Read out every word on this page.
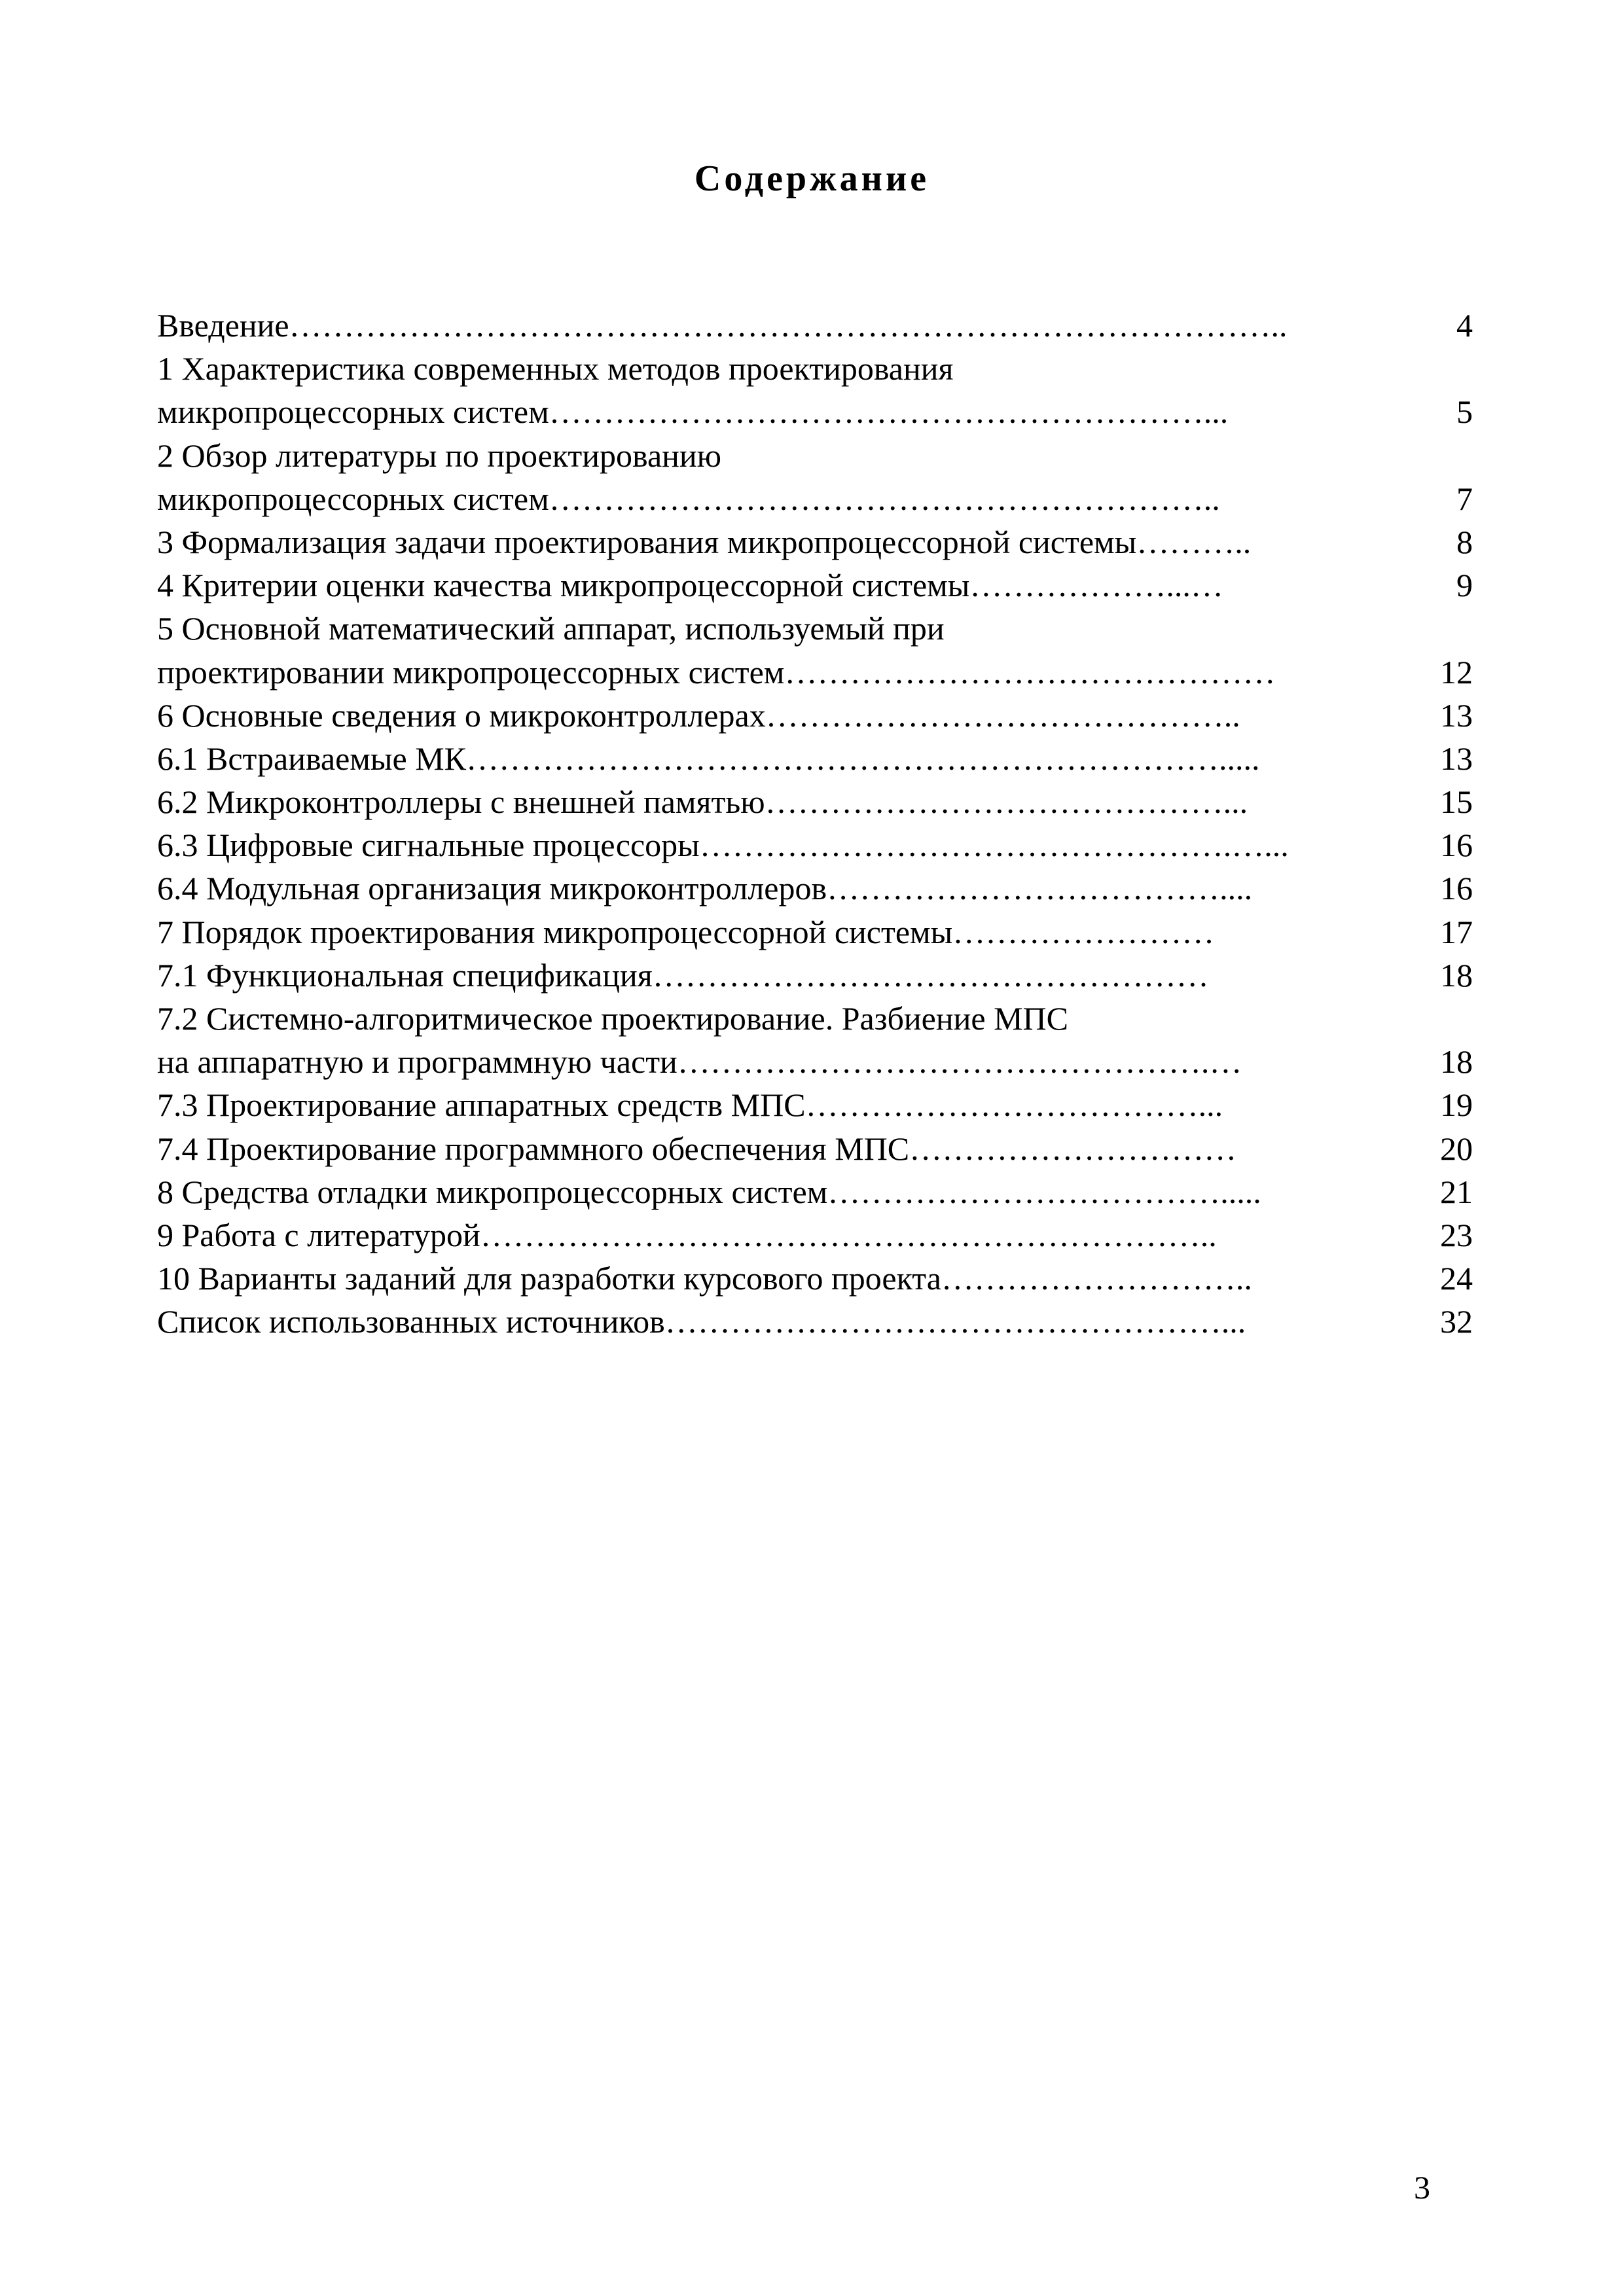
Содержание
Введение ………………………………………………………………………………..	4
1 Характеристика современных методов проектирования
микропроцессорных систем ……………………………………………………...	5
2 Обзор литературы по проектированию
микропроцессорных систем ……………………………………………………..	7
3 Формализация задачи проектирования микропроцессорной системы ………..	8
4 Критерии оценки качества микропроцессорной системы ………………...…	9
5 Основной математический аппарат, используемый при
проектировании микропроцессорных систем ………………………………………	12
6 Основные сведения о микроконтроллерах ……………………………………..	13
6.1 Встраиваемые МК …………………………………………………………….....	13
6.2 Микроконтроллеры с внешней памятью ……………………………………...	15
6.3 Цифровые сигнальные процессоры ………………………………………….…...	16
6.4 Модульная организация микроконтроллеров ………………………………....	16
7 Порядок проектирования микропроцессорной системы ……………………	17
7.1 Функциональная спецификация ……………………………………………	18
7.2 Системно-алгоритмическое проектирование. Разбиение МПС
на аппаратную и программную части ………………………………………….…	18
7.3 Проектирование аппаратных средств МПС ………………………………...	19
7.4 Проектирование программного обеспечения МПС …………………………	20
8 Средства отладки микропроцессорных систем ……………………………….....	21
9 Работа с литературой …………………………………………………………..	23
10 Варианты заданий для разработки курсового проекта ………………………..	24
Список использованных источников ……………………………………………...	32
3
